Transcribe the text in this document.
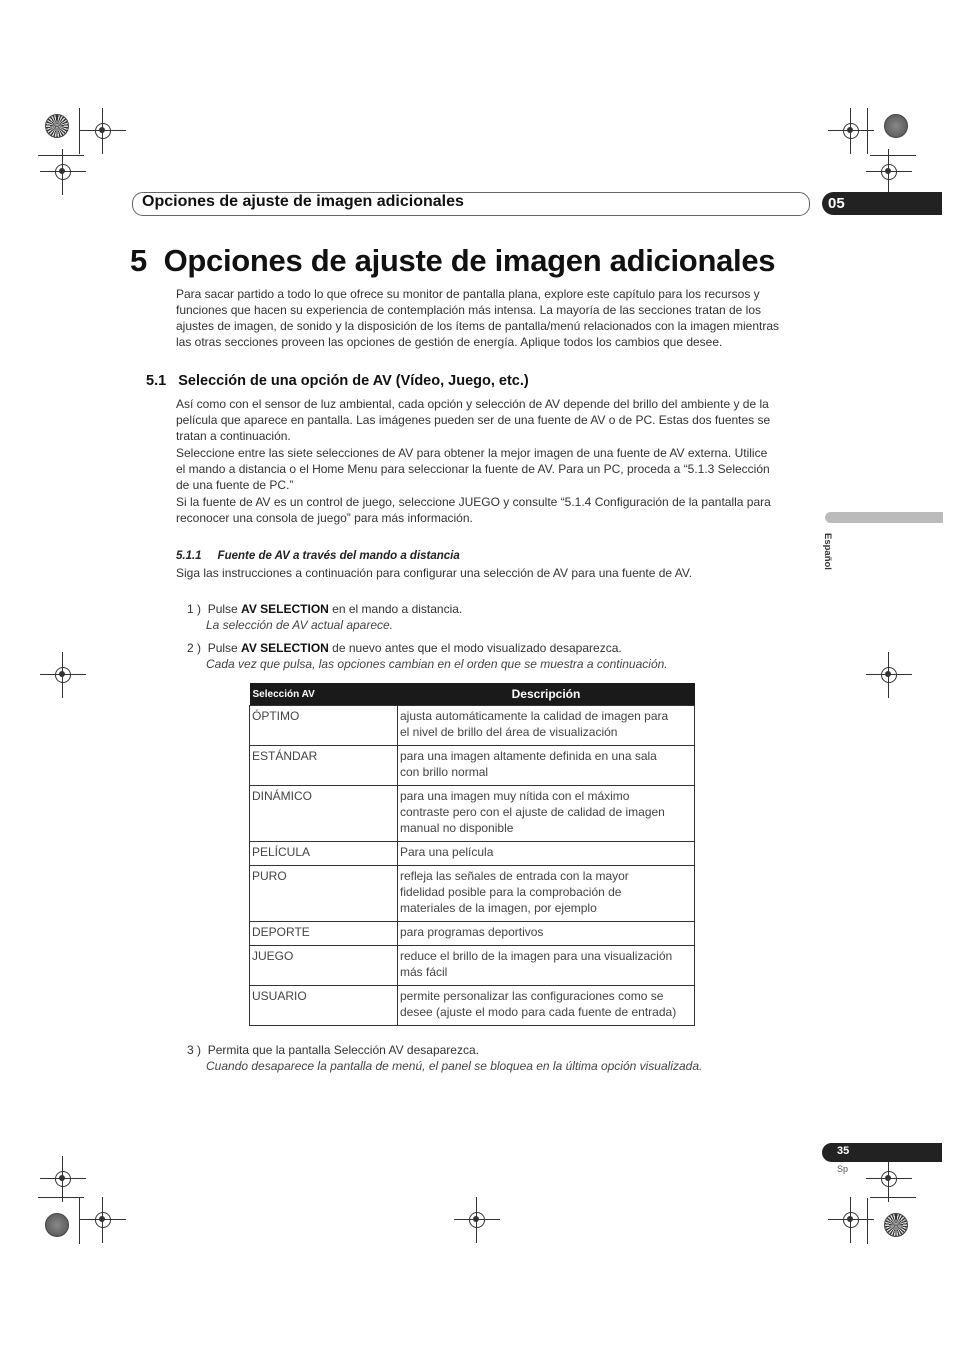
Opciones de ajuste de imagen adicionales	05
5  Opciones de ajuste de imagen adicionales
Para sacar partido a todo lo que ofrece su monitor de pantalla plana, explore este capítulo para los recursos y
funciones que hacen su experiencia de contemplación más intensa. La mayoría de las secciones tratan de los
ajustes de imagen, de sonido y la disposición de los ítems de pantalla/menú relacionados con la imagen mientras
las otras secciones proveen las opciones de gestión de energía. Aplique todos los cambios que desee.
5.1   Selección de una opción de AV (Vídeo, Juego, etc.)
Así como con el sensor de luz ambiental, cada opción y selección de AV depende del brillo del ambiente y de la
película que aparece en pantalla. Las imágenes pueden ser de una fuente de AV o de PC. Estas dos fuentes se
tratan a continuación.
Seleccione entre las siete selecciones de AV para obtener la mejor imagen de una fuente de AV externa. Utilice
el mando a distancia o el Home Menu para seleccionar la fuente de AV. Para un PC, proceda a “5.1.3 Selección
de una fuente de PC.”
Si la fuente de AV es un control de juego, seleccione JUEGO y consulte “5.1.4 Configuración de la pantalla para
reconocer una consola de juego” para más información.
5.1.1     Fuente de AV a través del mando a distancia
Siga las instrucciones a continuación para configurar una selección de AV para una fuente de AV.
1 ) Pulse AV SELECTION en el mando a distancia.
La selección de AV actual aparece.
2 ) Pulse AV SELECTION de nuevo antes que el modo visualizado desaparezca.
Cada vez que pulsa, las opciones cambian en el orden que se muestra a continuación.
Selección AV	Descripción
ÓPTIMO	ajusta automáticamente la calidad de imagen para
el nivel de brillo del área de visualización

ESTÁNDAR	para una imagen altamente definida en una sala
con brillo normal

DINÁMICO	para una imagen muy nítida con el máximo
contraste pero con el ajuste de calidad de imagen
manual no disponible

PELÍCULA	Para una película

PURO	refleja las señales de entrada con la mayor
fidelidad posible para la comprobación de
materiales de la imagen, por ejemplo

DEPORTE	para programas deportivos

JUEGO	reduce el brillo de la imagen para una visualización
más fácil

USUARIO	permite personalizar las configuraciones como se
desee (ajuste el modo para cada fuente de entrada)
3 ) Permita que la pantalla Selección AV desaparezca.
Cuando desaparece la pantalla de menú, el panel se bloquea en la última opción visualizada.
Español
35
Sp
